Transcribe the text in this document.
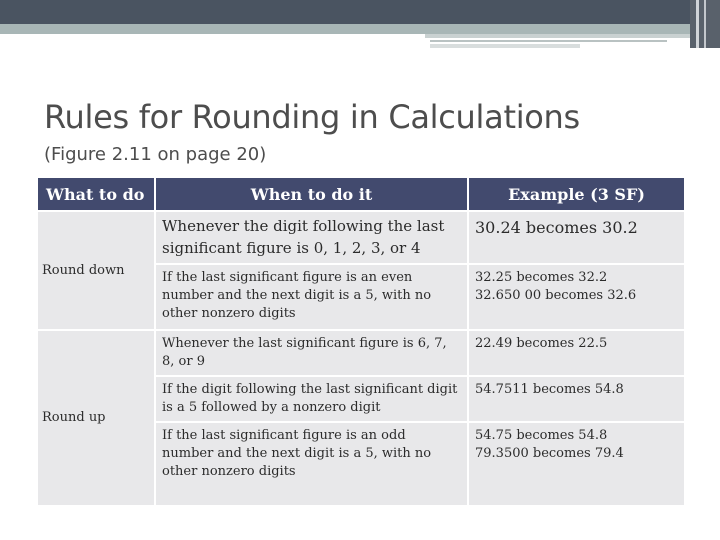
Rules for Rounding in Calculations
(Figure 2.11 on page 20)
What to do	When to do it	Example (3 SF)
Round down	Whenever the digit following the last significant figure is 0, 1, 2, 3, or 4	30.24 becomes 30.2

	If the last significant figure is an even number and the next digit is a 5, with no other nonzero digits	32.25 becomes 32.2
32.650 00 becomes 32.6

Round up	Whenever the last significant figure is 6, 7, 8, or 9	22.49 becomes 22.5

	If the digit following the last significant digit is a 5 followed by a nonzero digit	54.7511 becomes 54.8

	If the last significant figure is an odd number and the next digit is a 5, with no other nonzero digits	54.75 becomes 54.8
79.3500 becomes 79.4
